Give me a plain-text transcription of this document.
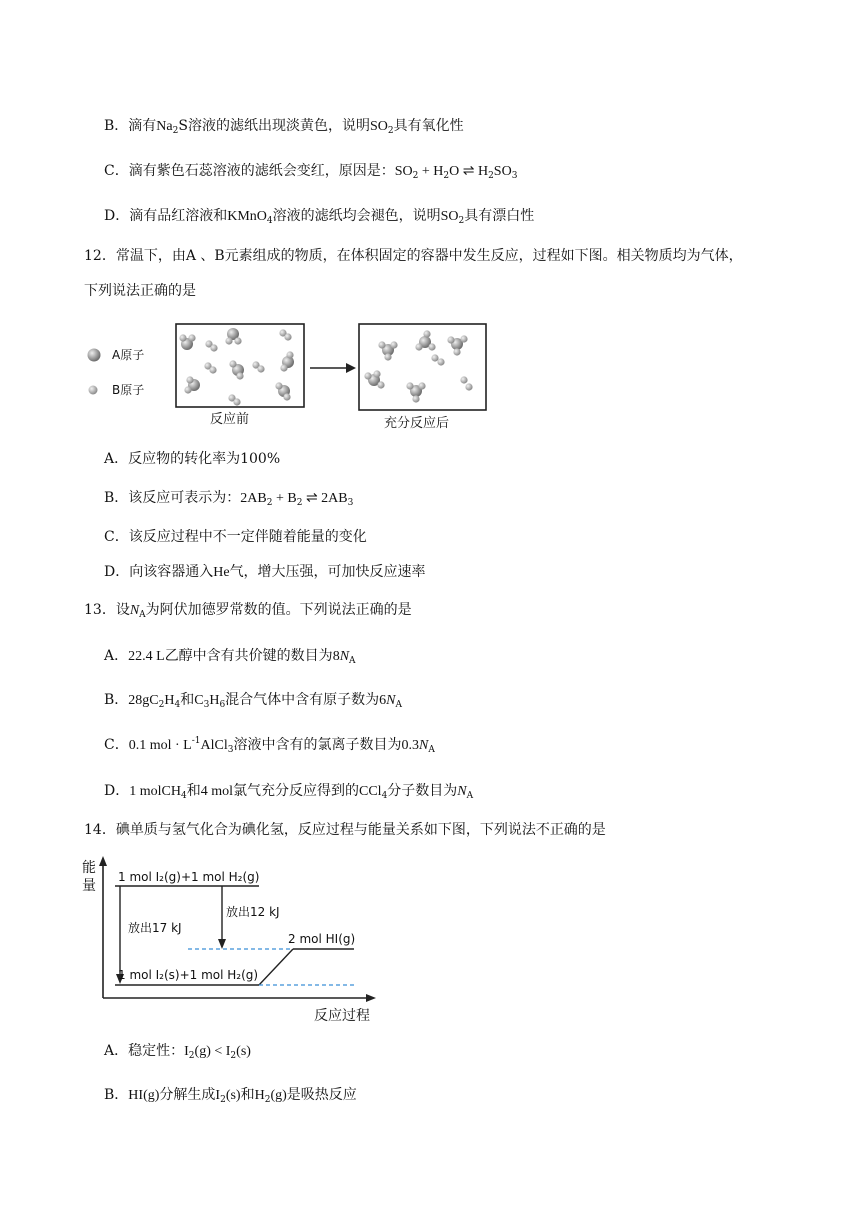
B．滴有$Na_2S$溶液的滤纸出现淡黄色，说明$SO_2$具有氧化性
C．滴有紫色石蕊溶液的滤纸会变红，原因是：$SO_2 + H_2O$ ⇌ $H_2SO_3$
D．滴有品红溶液和KMnO$_4$溶液的滤纸均会褪色，说明$SO_2$具有漂白性
12．常温下，由A 、B元素组成的物质，在体积固定的容器中发生反应，过程如下图。相关物质均为气体，
下列说法正确的是
A原子
B原子
反应前	充分反应后
A．反应物的转化率为100%
B．该反应可表示为：$2AB_2 + B_2$ ⇌ $2AB_3$
C．该反应过程中不一定伴随着能量的变化
D．向该容器通入He气，增大压强，可加快反应速率
13．设$N_A$为阿伏加德罗常数的值。下列说法正确的是
A．22.4 L乙醇中含有共价键的数目为$8N_A$
B．$28gC_2H_4$和$C_3H_6$混合气体中含有原子数为$6N_A$
C．0.1 mol · $L^{-1}AlCl_3$溶液中含有的氯离子数目为$0.3N_A$
D．1 molCH$_4$和4 mol氯气充分反应得到的CCl$_4$分子数目为$N_A$
14．碘单质与氢气化合为碘化氢，反应过程与能量关系如下图，下列说法不正确的是
能
量
反应过程
1 mol I₂(g)+1 mol H₂(g)
放出12 kJ
放出17 kJ
2 mol HI(g)
1 mol I₂(s)+1 mol H₂(g)
A．稳定性：$I_2(g) < I_2(s)$
B．HI(g)分解生成$I_2(s)$和$H_2(g)$是吸热反应
